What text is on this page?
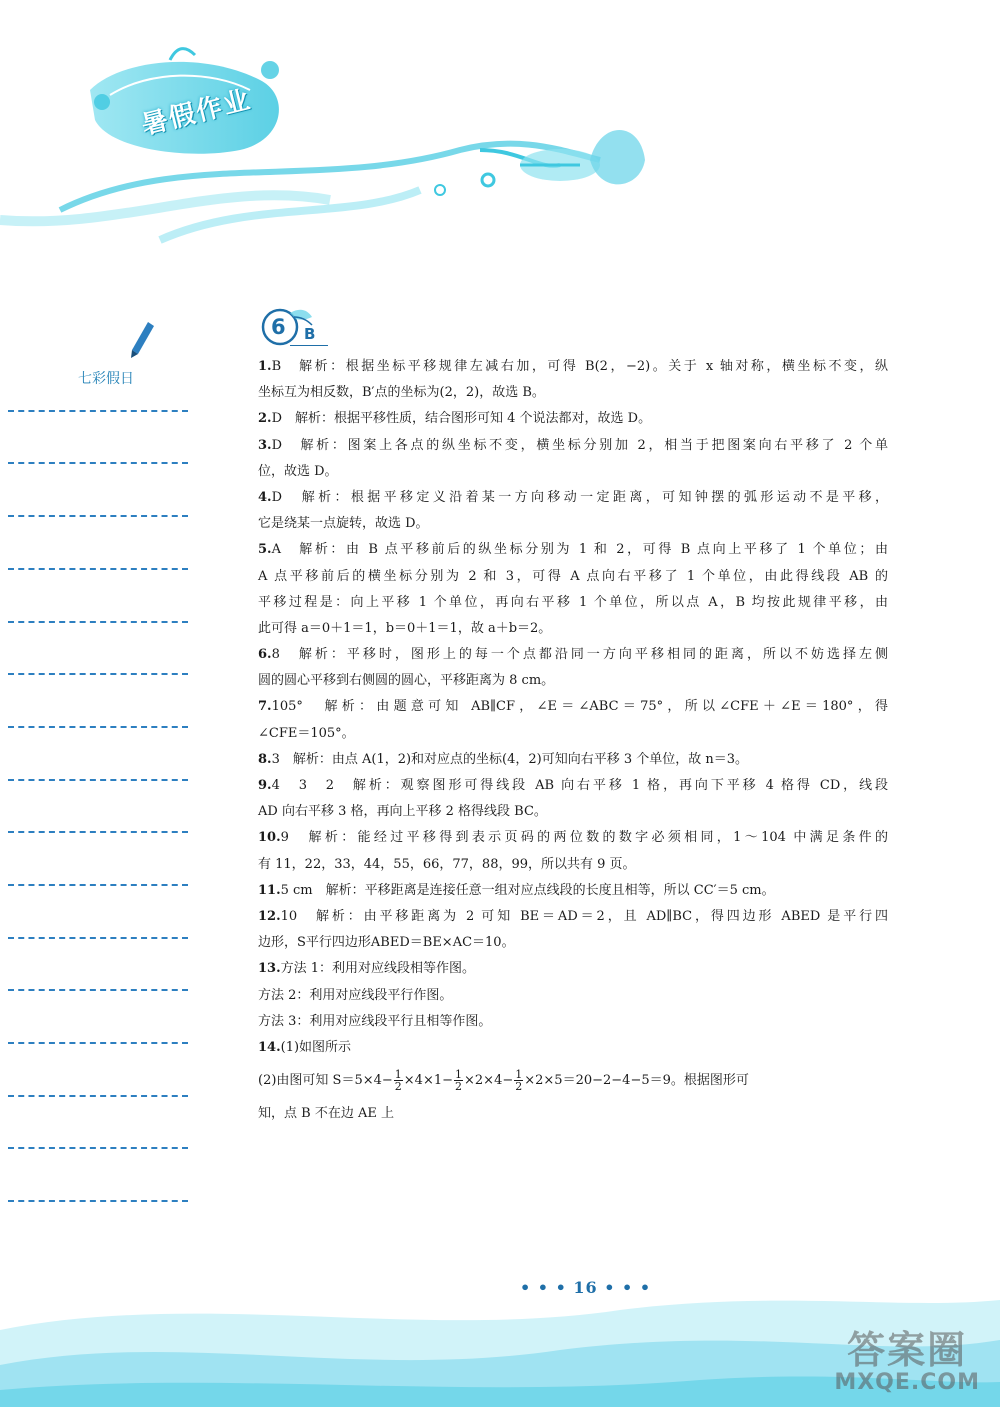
暑假作业
七彩假日
6 B
1.B　解析：根据坐标平移规律左减右加，可得 B(2，−2)。关于 x 轴对称，横坐标不变，纵
坐标互为相反数，B′点的坐标为(2，2)，故选 B。
2.D　解析：根据平移性质，结合图形可知 4 个说法都对，故选 D。
3.D　解析：图案上各点的纵坐标不变，横坐标分别加 2，相当于把图案向右平移了 2 个单
位，故选 D。
4.D　解析：根据平移定义沿着某一方向移动一定距离，可知钟摆的弧形运动不是平移，
它是绕某一点旋转，故选 D。
5.A　解析：由 B 点平移前后的纵坐标分别为 1 和 2，可得 B 点向上平移了 1 个单位；由
A 点平移前后的横坐标分别为 2 和 3，可得 A 点向右平移了 1 个单位，由此得线段 AB 的
平移过程是：向上平移 1 个单位，再向右平移 1 个单位，所以点 A，B 均按此规律平移，由
此可得 a＝0＋1＝1，b＝0＋1＝1，故 a＋b＝2。
6.8　解析：平移时，图形上的每一个点都沿同一方向平移相同的距离，所以不妨选择左侧
圆的圆心平移到右侧圆的圆心，平移距离为 8 cm。
7.105°　解析：由题意可知 AB∥CF，∠E＝∠ABC＝75°，所以∠CFE＋∠E＝180°，得
∠CFE＝105°。
8.3　解析：由点 A(1，2)和对应点的坐标(4，2)可知向右平移 3 个单位，故 n＝3。
9.4　3　2　解析：观察图形可得线段 AB 向右平移 1 格，再向下平移 4 格得 CD，线段
AD 向右平移 3 格，再向上平移 2 格得线段 BC。
10.9　解析：能经过平移得到表示页码的两位数的数字必须相同，1～104 中满足条件的
有 11，22，33，44，55，66，77，88，99，所以共有 9 页。
11.5 cm　解析：平移距离是连接任意一组对应点线段的长度且相等，所以 CC′＝5 cm。
12.10　解析：由平移距离为 2 可知 BE＝AD＝2，且 AD∥BC，得四边形 ABED 是平行四
边形，S平行四边形ABED＝BE×AC＝10。
13.方法 1：利用对应线段相等作图。
方法 2：利用对应线段平行作图。
方法 3：利用对应线段平行且相等作图。
14.(1)如图所示
(2)由图可知 $S=5\times 4- \frac{1}{2} \times 4\times 1- \frac{1}{2} \times 2\times 4- \frac{1}{2} \times 2\times 5=20-2-4-5=9$。根据图形可
知，点 B 不在边 AE 上
• • • 16 • • •
答案圈
MXQE.COM
